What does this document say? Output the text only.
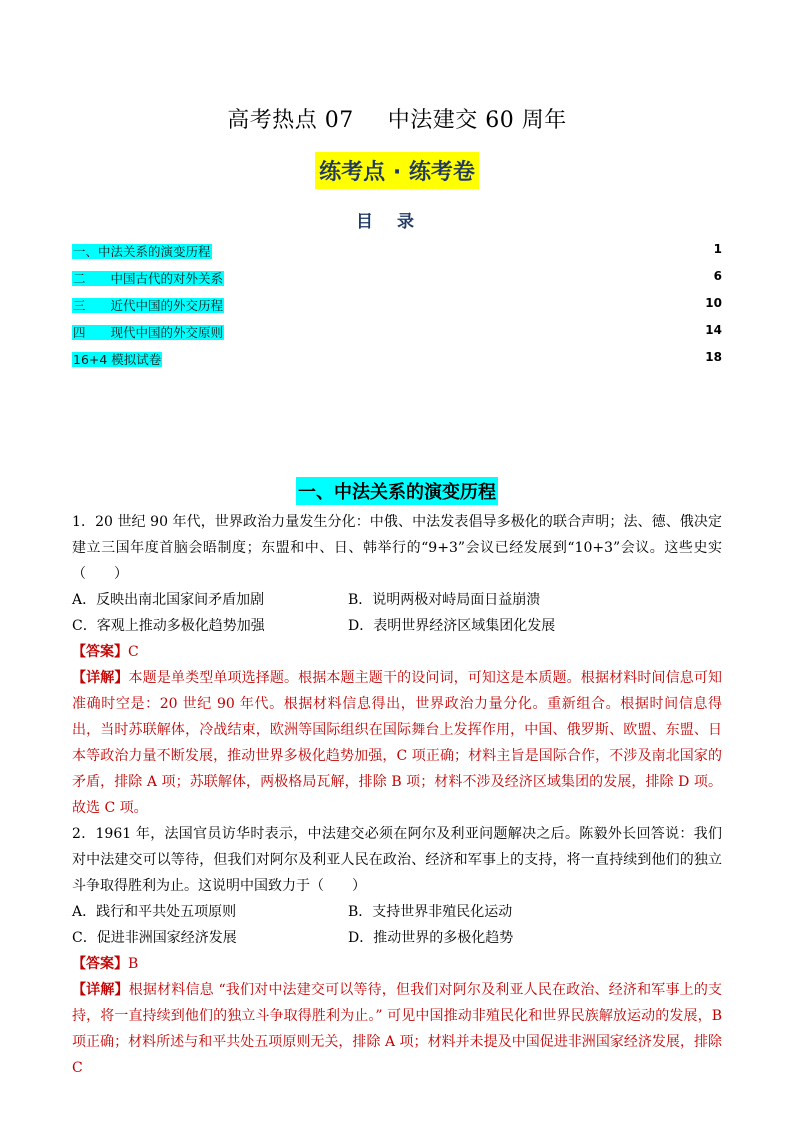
高考热点 07 中法建交 60 周年
练考点 · 练考卷
目录
一、中法关系的演变历程	1
二　　中国古代的对外关系	6
三　　近代中国的外交历程	10
四　　现代中国的外交原则	14
16+4 模拟试卷	18
一、中法关系的演变历程

1．20 世纪 90 年代，世界政治力量发生分化：中俄、中法发表倡导多极化的联合声明；法、德、俄决定建立三国年度首脑会晤制度；东盟和中、日、韩举行的“9+3”会议已经发展到“10+3”会议。这些史实（　　）

A．反映出南北国家间矛盾加剧	B．说明两极对峙局面日益崩溃
C．客观上推动多极化趋势加强	D．表明世界经济区域集团化发展

【答案】C

【详解】本题是单类型单项选择题。根据本题主题干的设问词，可知这是本质题。根据材料时间信息可知准确时空是：20 世纪 90 年代。根据材料信息得出，世界政治力量分化。重新组合。根据时间信息得出，当时苏联解体，冷战结束，欧洲等国际组织在国际舞台上发挥作用，中国、俄罗斯、欧盟、东盟、日本等政治力量不断发展，推动世界多极化趋势加强，C 项正确；材料主旨是国际合作，不涉及南北国家的矛盾，排除 A 项；苏联解体，两极格局瓦解，排除 B 项；材料不涉及经济区域集团的发展，排除 D 项。故选 C 项。

2．1961 年，法国官员访华时表示，中法建交必须在阿尔及利亚问题解决之后。陈毅外长回答说：我们对中法建交可以等待，但我们对阿尔及利亚人民在政治、经济和军事上的支持，将一直持续到他们的独立斗争取得胜利为止。这说明中国致力于（　　）

A．践行和平共处五项原则	B．支持世界非殖民化运动
C．促进非洲国家经济发展	D．推动世界的多极化趋势

【答案】B

【详解】根据材料信息 “我们对中法建交可以等待，但我们对阿尔及利亚人民在政治、经济和军事上的支持，将一直持续到他们的独立斗争取得胜利为止。” 可见中国推动非殖民化和世界民族解放运动的发展，B 项正确；材料所述与和平共处五项原则无关，排除 A 项；材料并未提及中国促进非洲国家经济发展，排除 C
